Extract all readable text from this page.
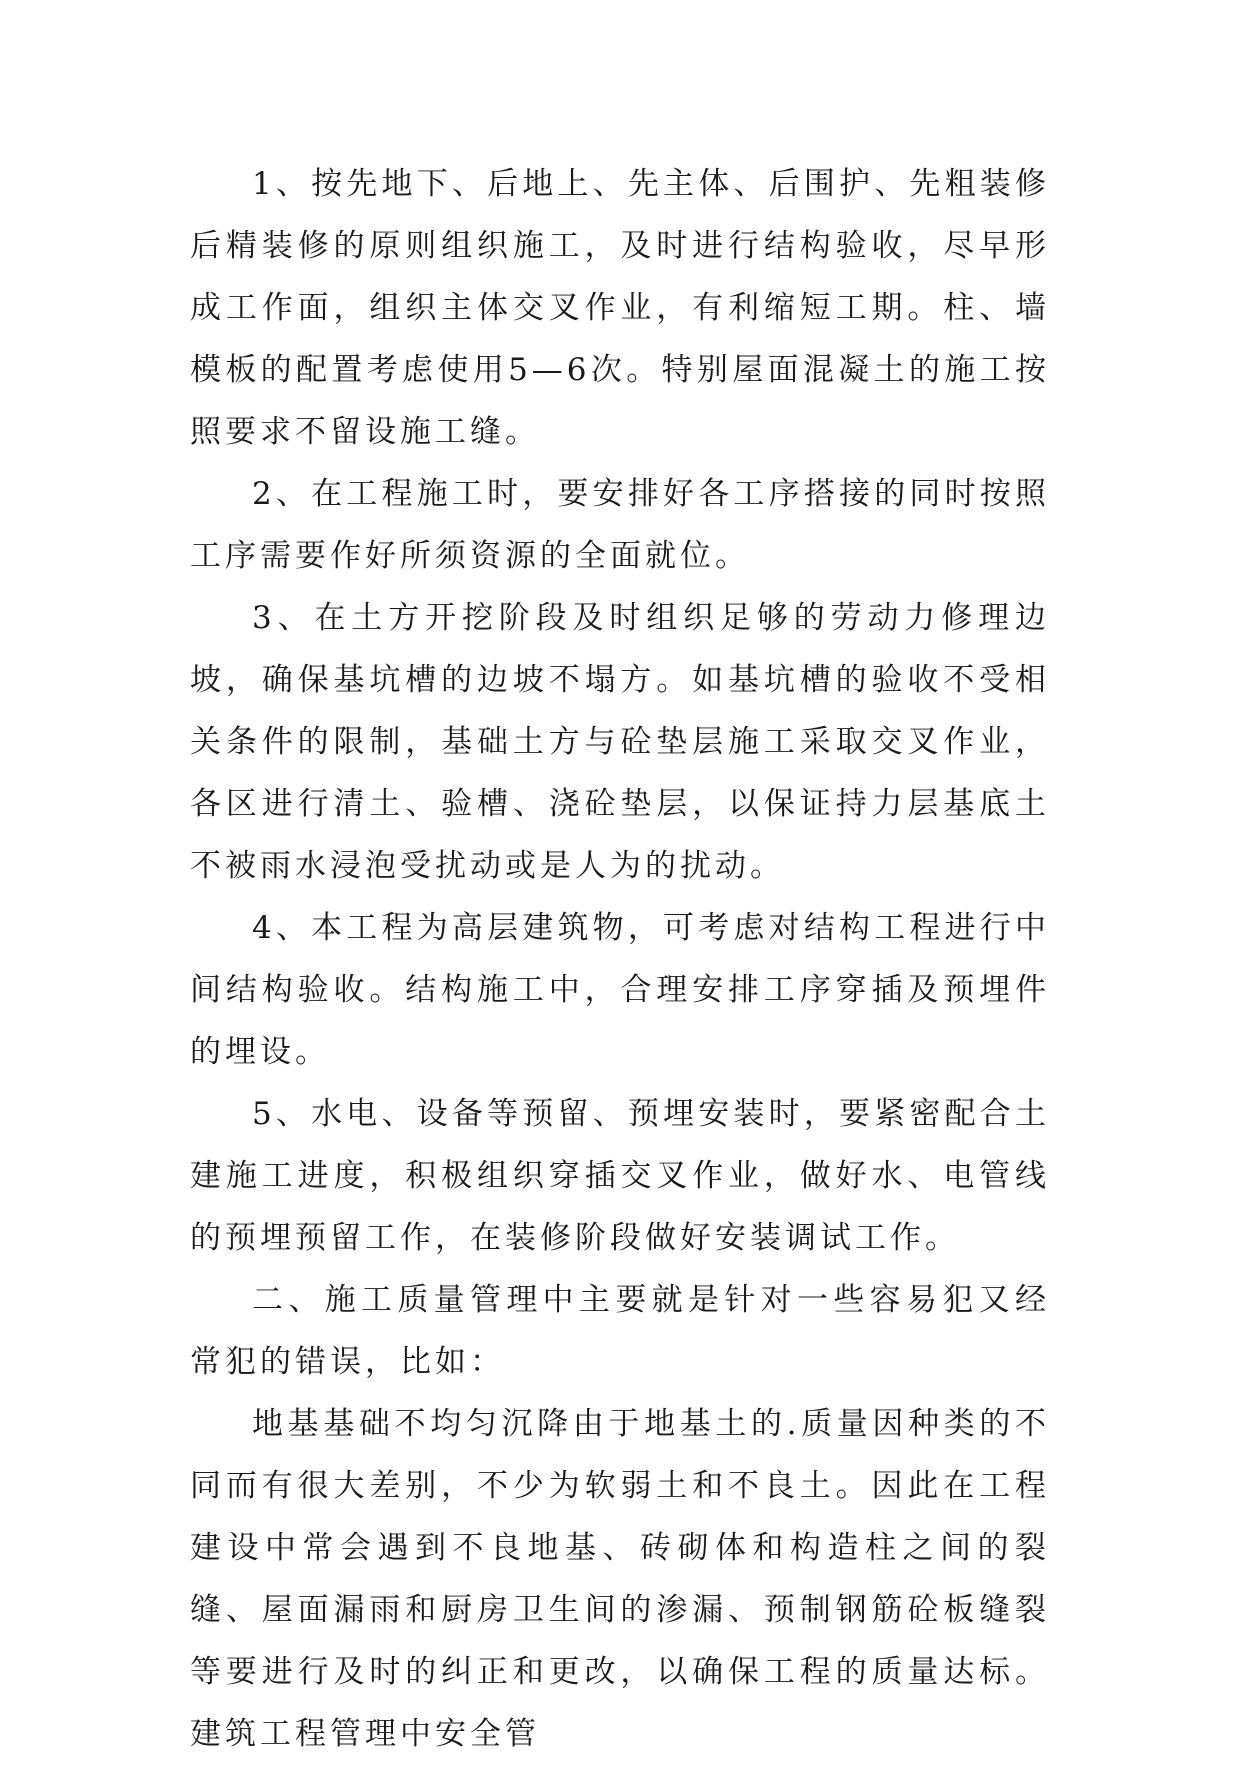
1、按先地下、后地上、先主体、后围护、先粗装修后精装修的原则组织施工，及时进行结构验收，尽早形成工作面，组织主体交叉作业，有利缩短工期。柱、墙模板的配置考虑使用5—6次。特别屋面混凝土的施工按照要求不留设施工缝。

2、在工程施工时，要安排好各工序搭接的同时按照工序需要作好所须资源的全面就位。

3、在土方开挖阶段及时组织足够的劳动力修理边坡，确保基坑槽的边坡不塌方。如基坑槽的验收不受相关条件的限制，基础土方与砼垫层施工采取交叉作业，各区进行清土、验槽、浇砼垫层，以保证持力层基底土不被雨水浸泡受扰动或是人为的扰动。

4、本工程为高层建筑物，可考虑对结构工程进行中间结构验收。结构施工中，合理安排工序穿插及预埋件的埋设。

5、水电、设备等预留、预埋安装时，要紧密配合土建施工进度，积极组织穿插交叉作业，做好水、电管线的预埋预留工作，在装修阶段做好安装调试工作。

二、施工质量管理中主要就是针对一些容易犯又经常犯的错误，比如：

地基基础不均匀沉降由于地基土的.质量因种类的不同而有很大差别，不少为软弱土和不良土。因此在工程建设中常会遇到不良地基、砖砌体和构造柱之间的裂缝、屋面漏雨和厨房卫生间的渗漏、预制钢筋砼板缝裂等要进行及时的纠正和更改，以确保工程的质量达标。建筑工程管理中安全管
